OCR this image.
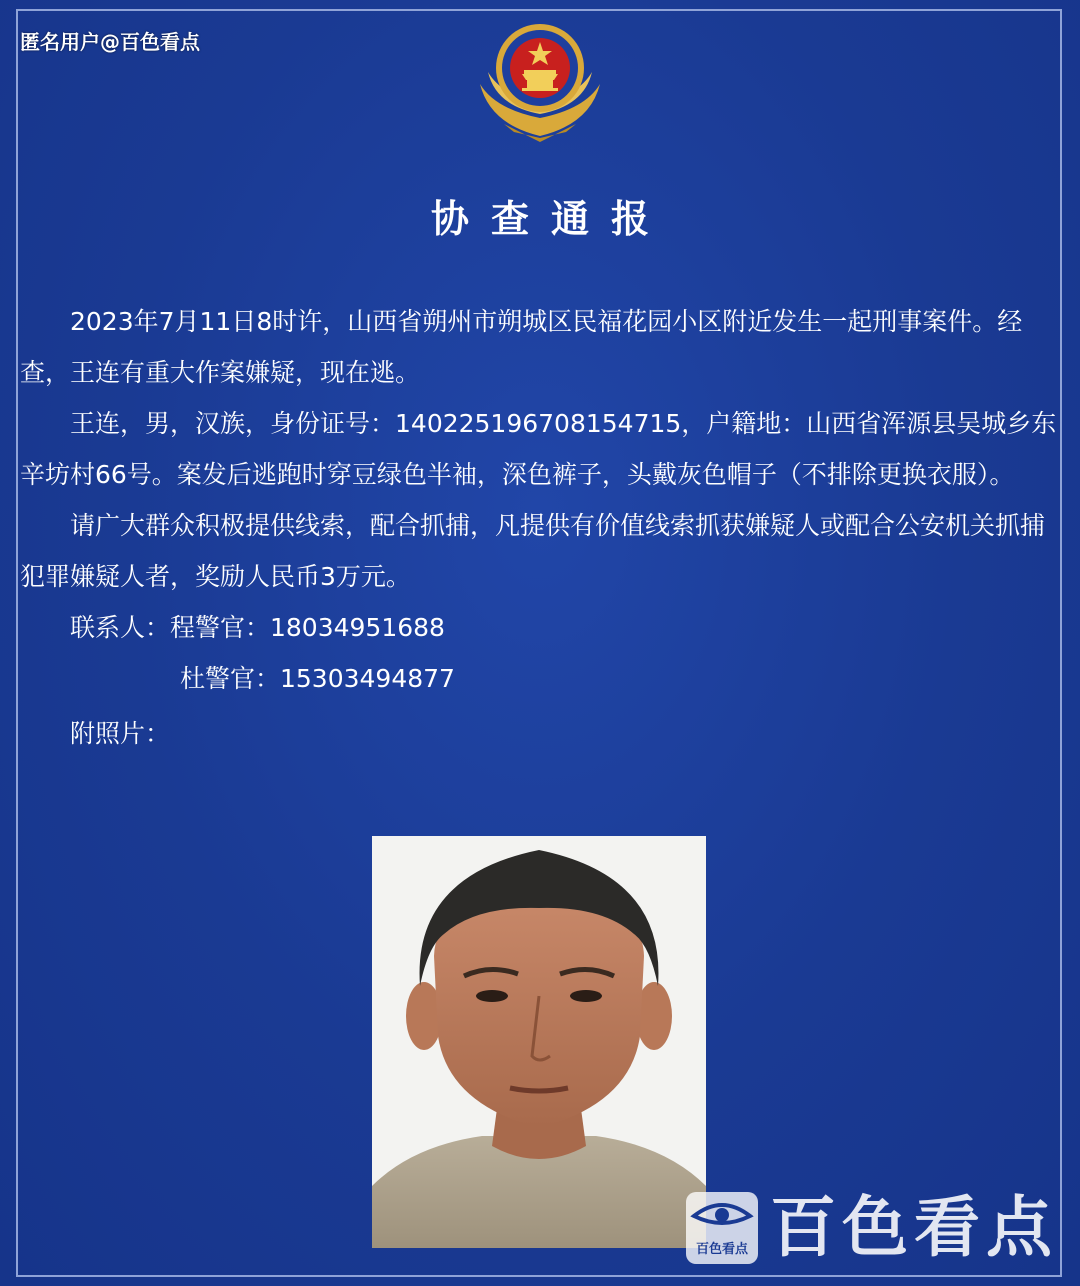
匿名用户@百色看点
协查通报

2023年7月11日8时许，山西省朔州市朔城区民福花园小区附近发生一起刑事案件。经查，王连有重大作案嫌疑，现在逃。

王连，男，汉族，身份证号：140225196708154715，户籍地：山西省浑源县吴城乡东辛坊村66号。案发后逃跑时穿豆绿色半袖，深色裤子，头戴灰色帽子（不排除更换衣服）。

请广大群众积极提供线索，配合抓捕，凡提供有价值线索抓获嫌疑人或配合公安机关抓捕犯罪嫌疑人者，奖励人民币3万元。

联系人：程警官：18034951688

杜警官：15303494877

附照片：

百色看点 百色看点
